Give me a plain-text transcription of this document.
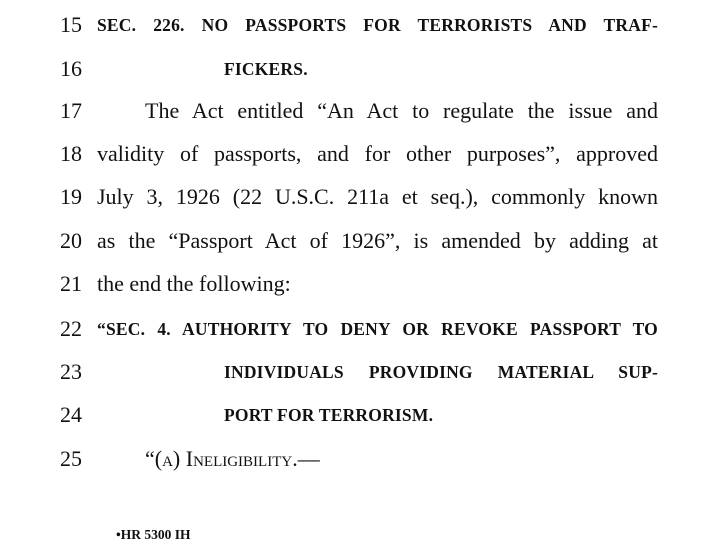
15 SEC. 226. NO PASSPORTS FOR TERRORISTS AND TRAF-
16	FICKERS.
17	The Act entitled “An Act to regulate the issue and
18 validity of passports, and for other purposes”, approved
19 July 3, 1926 (22 U.S.C. 211a et seq.), commonly known
20 as the “Passport Act of 1926”, is amended by adding at
21 the end the following:
22 “SEC. 4. AUTHORITY TO DENY OR REVOKE PASSPORT TO
23	INDIVIDUALS PROVIDING MATERIAL SUP-
24	PORT FOR TERRORISM.
25	“(a) Ineligibility.—
•HR 5300 IH
